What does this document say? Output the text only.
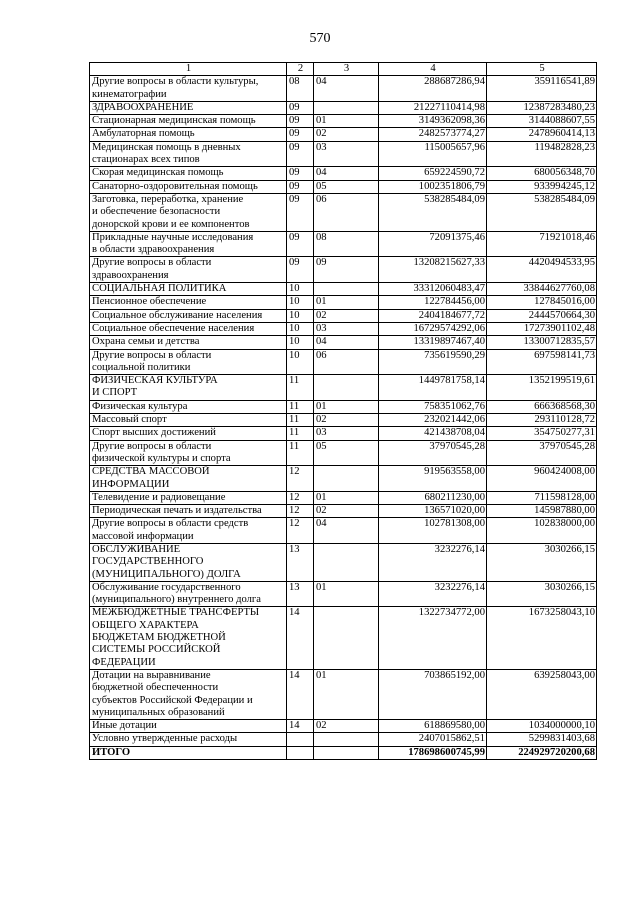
570
1	2	3	4	5

Другие вопросы в области культуры,
кинематографии	08	04	288687286,94	359116541,89

ЗДРАВООХРАНЕНИЕ	09		21227110414,98	12387283480,23

Стационарная медицинская помощь	09	01	3149362098,36	3144088607,55

Амбулаторная помощь	09	02	2482573774,27	2478960414,13

Медицинская помощь в дневных
стационарах всех типов	09	03	115005657,96	119482828,23

Скорая медицинская помощь	09	04	659224590,72	680056348,70

Санаторно-оздоровительная помощь	09	05	1002351806,79	933994245,12

Заготовка, переработка, хранение
и обеспечение безопасности
донорской крови и ее компонентов	09	06	538285484,09	538285484,09

Прикладные научные исследования
в области здравоохранения	09	08	72091375,46	71921018,46

Другие вопросы в области
здравоохранения	09	09	13208215627,33	4420494533,95

СОЦИАЛЬНАЯ ПОЛИТИКА	10		33312060483,47	33844627760,08

Пенсионное обеспечение	10	01	122784456,00	127845016,00

Социальное обслуживание населения	10	02	2404184677,72	2444570664,30

Социальное обеспечение населения	10	03	16729574292,06	17273901102,48

Охрана семьи и детства	10	04	13319897467,40	13300712835,57

Другие вопросы в области
социальной политики	10	06	735619590,29	697598141,73

ФИЗИЧЕСКАЯ КУЛЬТУРА
И СПОРТ	11		1449781758,14	1352199519,61

Физическая культура	11	01	758351062,76	666368568,30

Массовый спорт	11	02	232021442,06	293110128,72

Спорт высших достижений	11	03	421438708,04	354750277,31

Другие вопросы в области
физической культуры и спорта	11	05	37970545,28	37970545,28

СРЕДСТВА МАССОВОЙ
ИНФОРМАЦИИ	12		919563558,00	960424008,00

Телевидение и радиовещание	12	01	680211230,00	711598128,00

Периодическая печать и издательства	12	02	136571020,00	145987880,00

Другие вопросы в области средств
массовой информации	12	04	102781308,00	102838000,00

ОБСЛУЖИВАНИЕ
ГОСУДАРСТВЕННОГО
(МУНИЦИПАЛЬНОГО) ДОЛГА	13		3232276,14	3030266,15

Обслуживание государственного
(муниципального) внутреннего долга	13	01	3232276,14	3030266,15

МЕЖБЮДЖЕТНЫЕ ТРАНСФЕРТЫ
ОБЩЕГО ХАРАКТЕРА
БЮДЖЕТАМ БЮДЖЕТНОЙ
СИСТЕМЫ РОССИЙСКОЙ
ФЕДЕРАЦИИ	14		1322734772,00	1673258043,10

Дотации на выравнивание
бюджетной обеспеченности
субъектов Российской Федерации и
муниципальных образований	14	01	703865192,00	639258043,00

Иные дотации	14	02	618869580,00	1034000000,10

Условно утвержденные расходы			2407015862,51	5299831403,68
ИТОГО			178698600745,99	224929720200,68
